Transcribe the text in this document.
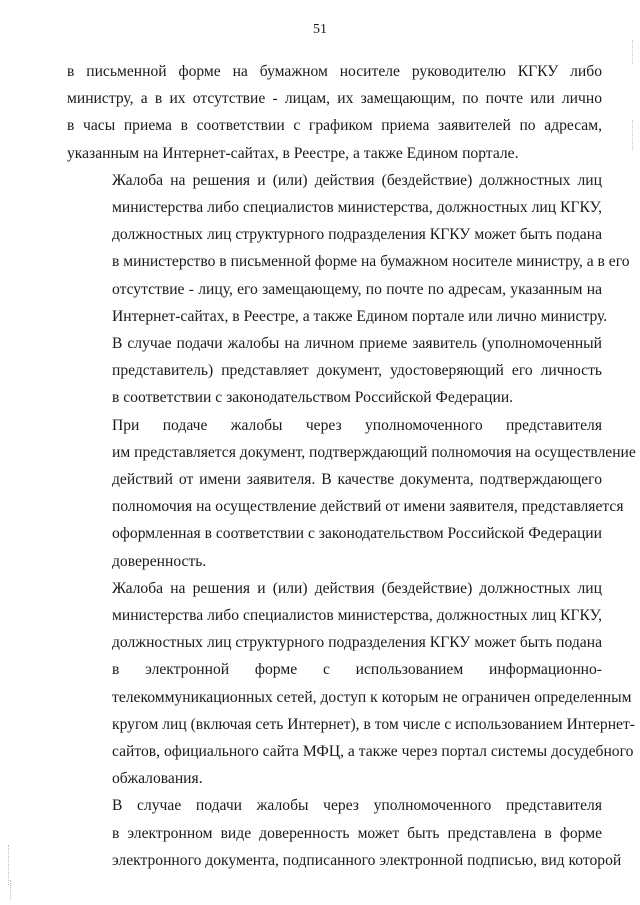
51

в письменной форме на бумажном носителе руководителю КГКУ либо
министру, а в их отсутствие - лицам, их замещающим, по почте или лично
в часы приема в соответствии с графиком приема заявителей по адресам,
указанным на Интернет-сайтах, в Реестре, а также Едином портале.

Жалоба на решения и (или) действия (бездействие) должностных лиц
министерства либо специалистов министерства, должностных лиц КГКУ,
должностных лиц структурного подразделения КГКУ может быть подана
в министерство в письменной форме на бумажном носителе министру, а в его
отсутствие - лицу, его замещающему, по почте по адресам, указанным на
Интернет-сайтах, в Реестре, а также Едином портале или лично министру.

В случае подачи жалобы на личном приеме заявитель (уполномоченный
представитель) представляет документ, удостоверяющий его личность
в соответствии с законодательством Российской Федерации.

При подаче жалобы через уполномоченного представителя
им представляется документ, подтверждающий полномочия на осуществление
действий от имени заявителя. В качестве документа, подтверждающего
полномочия на осуществление действий от имени заявителя, представляется
оформленная в соответствии с законодательством Российской Федерации
доверенность.

Жалоба на решения и (или) действия (бездействие) должностных лиц
министерства либо специалистов министерства, должностных лиц КГКУ,
должностных лиц структурного подразделения КГКУ может быть подана
в электронной форме с использованием информационно-
телекоммуникационных сетей, доступ к которым не ограничен определенным
кругом лиц (включая сеть Интернет), в том числе с использованием Интернет-
сайтов, официального сайта МФЦ, а также через портал системы досудебного
обжалования.

В случае подачи жалобы через уполномоченного представителя
в электронном виде доверенность может быть представлена в форме
электронного документа, подписанного электронной подписью, вид которой
